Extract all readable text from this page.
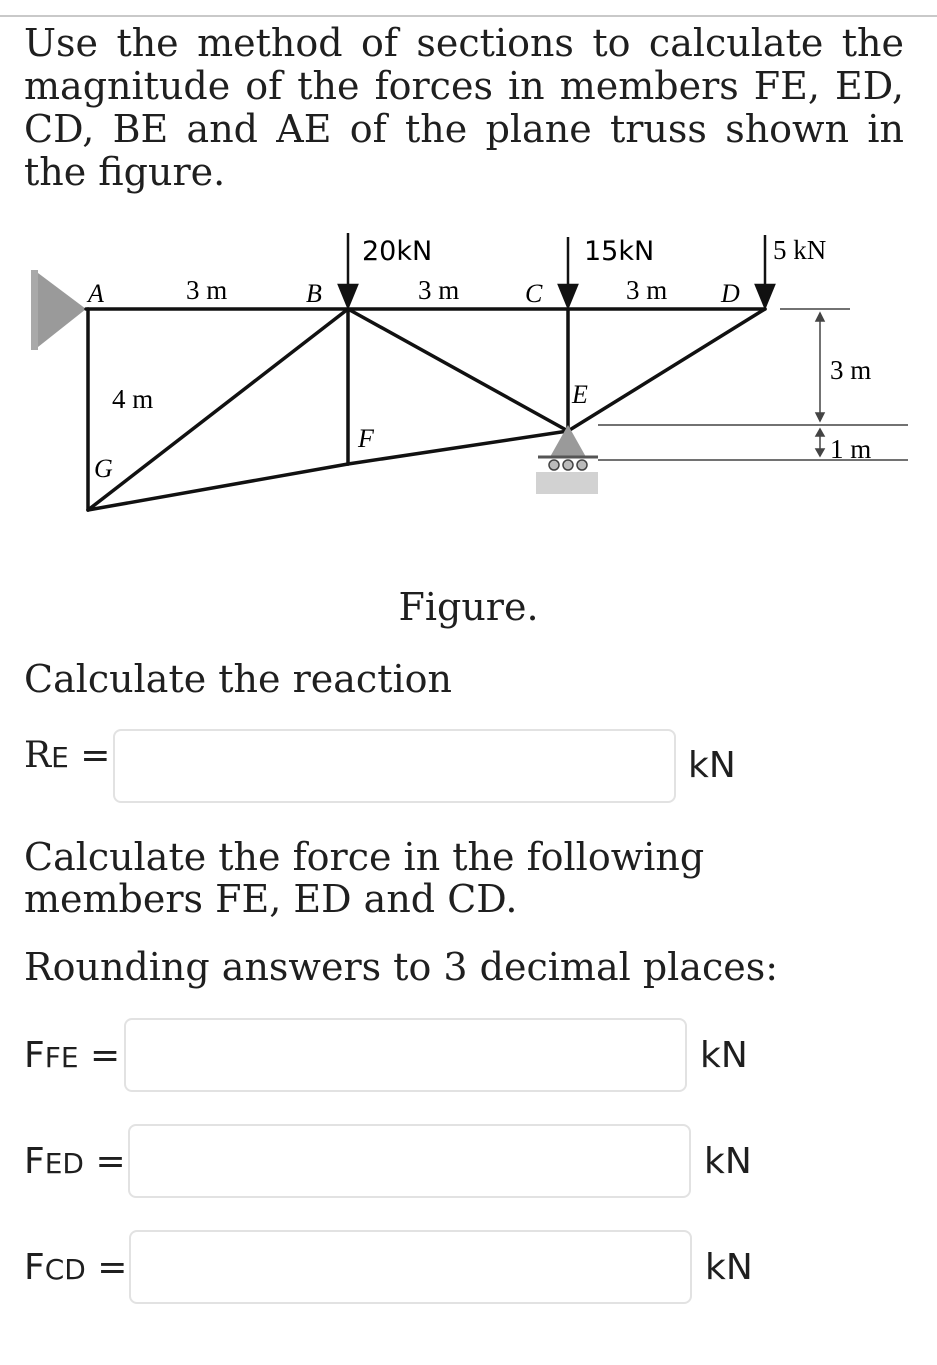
Use the method of sections to calculate the magnitude of the forces in members FE, ED, CD, BE and AE of the plane truss shown in the figure.
20kN	15kN	5 kN
A	B	C	D
E
F
G
3 m	3 m	3 m
4 m
3 m
1 m
Figure.
Calculate the reaction
RE =	kN
Calculate the force in the following members FE, ED and CD.
Rounding answers to 3 decimal places:
FFE =	kN
FED =	kN
FCD =	kN
